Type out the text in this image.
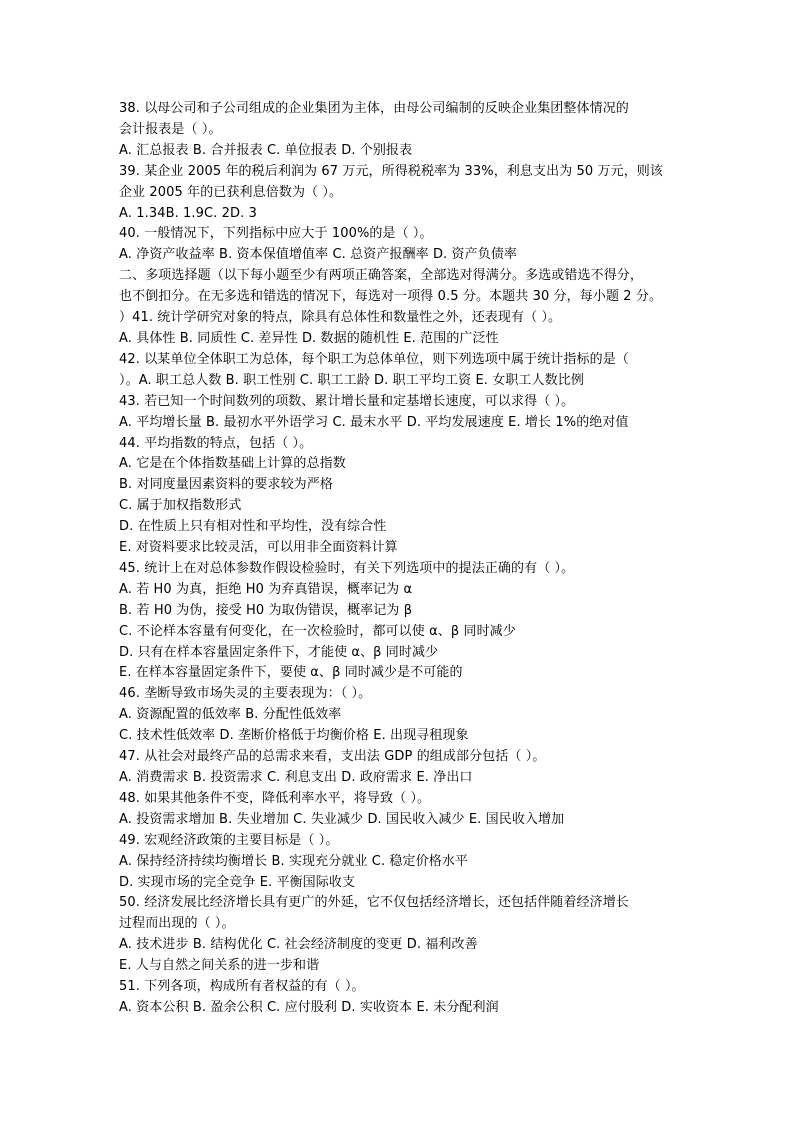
38. 以母公司和子公司组成的企业集团为主体，由母公司编制的反映企业集团整体情况的
会计报表是（ ）。
A. 汇总报表 B. 合并报表 C. 单位报表 D. 个别报表
39. 某企业 2005 年的税后利润为 67 万元，所得税税率为 33%，利息支出为 50 万元，则该
企业 2005 年的已获利息倍数为（ ）。
A. 1.34B. 1.9C. 2D. 3
40. 一般情况下，下列指标中应大于 100%的是（ ）。
A. 净资产收益率 B. 资本保值增值率 C. 总资产报酬率 D. 资产负债率
二、多项选择题（以下每小题至少有两项正确答案，全部选对得满分。多选或错选不得分，
也不倒扣分。在无多选和错选的情况下，每选对一项得 0.5 分。本题共 30 分，每小题 2 分。
）41. 统计学研究对象的特点，除具有总体性和数量性之外，还表现有（ ）。
A. 具体性 B. 同质性 C. 差异性 D. 数据的随机性 E. 范围的广泛性
42. 以某单位全体职工为总体，每个职工为总体单位，则下列选项中属于统计指标的是（
）。A. 职工总人数 B. 职工性别 C. 职工工龄 D. 职工平均工资 E. 女职工人数比例
43. 若已知一个时间数列的项数、累计增长量和定基增长速度，可以求得（ ）。
A. 平均增长量 B. 最初水平外语学习 C. 最末水平 D. 平均发展速度 E. 增长 1%的绝对值
44. 平均指数的特点，包括（ ）。
A. 它是在个体指数基础上计算的总指数
B. 对同度量因素资料的要求较为严格
C. 属于加权指数形式
D. 在性质上只有相对性和平均性，没有综合性
E. 对资料要求比较灵活，可以用非全面资料计算
45. 统计上在对总体参数作假设检验时，有关下列选项中的提法正确的有（ ）。
A. 若 H0 为真，拒绝 H0 为弃真错误，概率记为 α
B. 若 H0 为伪，接受 H0 为取伪错误，概率记为 β
C. 不论样本容量有何变化，在一次检验时，都可以使 α、β 同时减少
D. 只有在样本容量固定条件下，才能使 α、β 同时减少
E. 在样本容量固定条件下，要使 α、β 同时减少是不可能的
46. 垄断导致市场失灵的主要表现为：（ ）。
A. 资源配置的低效率 B. 分配性低效率
C. 技术性低效率 D. 垄断价格低于均衡价格 E. 出现寻租现象
47. 从社会对最终产品的总需求来看，支出法 GDP 的组成部分包括（ ）。
A. 消费需求 B. 投资需求 C. 利息支出 D. 政府需求 E. 净出口
48. 如果其他条件不变，降低利率水平，将导致（ ）。
A. 投资需求增加 B. 失业增加 C. 失业减少 D. 国民收入减少 E. 国民收入增加
49. 宏观经济政策的主要目标是（ ）。
A. 保持经济持续均衡增长 B. 实现充分就业 C. 稳定价格水平
D. 实现市场的完全竞争 E. 平衡国际收支
50. 经济发展比经济增长具有更广的外延，它不仅包括经济增长，还包括伴随着经济增长
过程而出现的（ ）。
A. 技术进步 B. 结构优化 C. 社会经济制度的变更 D. 福利改善
E. 人与自然之间关系的进一步和谐
51. 下列各项，构成所有者权益的有（ ）。
A. 资本公积 B. 盈余公积 C. 应付股利 D. 实收资本 E. 未分配利润
